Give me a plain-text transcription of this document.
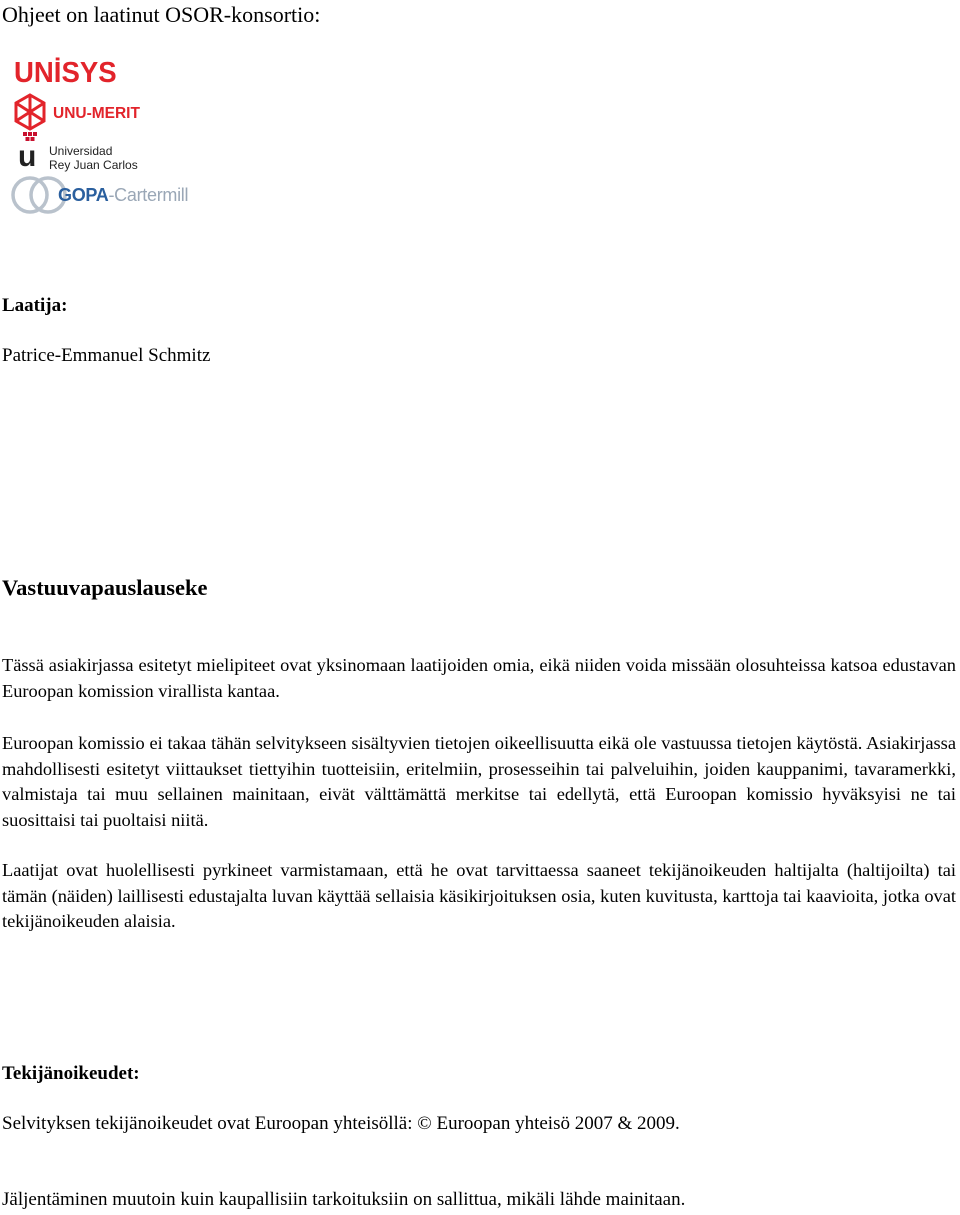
Ohjeet on laatinut OSOR-konsortio:

UNİSYS
UNU-MERIT
u Universidad
Rey Juan Carlos
GOPA-Cartermill

Laatija:

Patrice-Emmanuel Schmitz

Vastuuvapauslauseke

Tässä asiakirjassa esitetyt mielipiteet ovat yksinomaan laatijoiden omia, eikä niiden voida missään olosuhteissa katsoa edustavan Euroopan komission virallista kantaa.

Euroopan komissio ei takaa tähän selvitykseen sisältyvien tietojen oikeellisuutta eikä ole vastuussa tietojen käytöstä. Asiakirjassa mahdollisesti esitetyt viittaukset tiettyihin tuotteisiin, eritelmiin, prosesseihin tai palveluihin, joiden kauppanimi, tavaramerkki, valmistaja tai muu sellainen mainitaan, eivät välttämättä merkitse tai edellytä, että Euroopan komissio hyväksyisi ne tai suosittaisi tai puoltaisi niitä.

Laatijat ovat huolellisesti pyrkineet varmistamaan, että he ovat tarvittaessa saaneet tekijänoikeuden haltijalta (haltijoilta) tai tämän (näiden) laillisesti edustajalta luvan käyttää sellaisia käsikirjoituksen osia, kuten kuvitusta, karttoja tai kaavioita, jotka ovat tekijänoikeuden alaisia.

Tekijänoikeudet:

Selvityksen tekijänoikeudet ovat Euroopan yhteisöllä: © Euroopan yhteisö 2007 & 2009.

Jäljentäminen muutoin kuin kaupallisiin tarkoituksiin on sallittua, mikäli lähde mainitaan.
